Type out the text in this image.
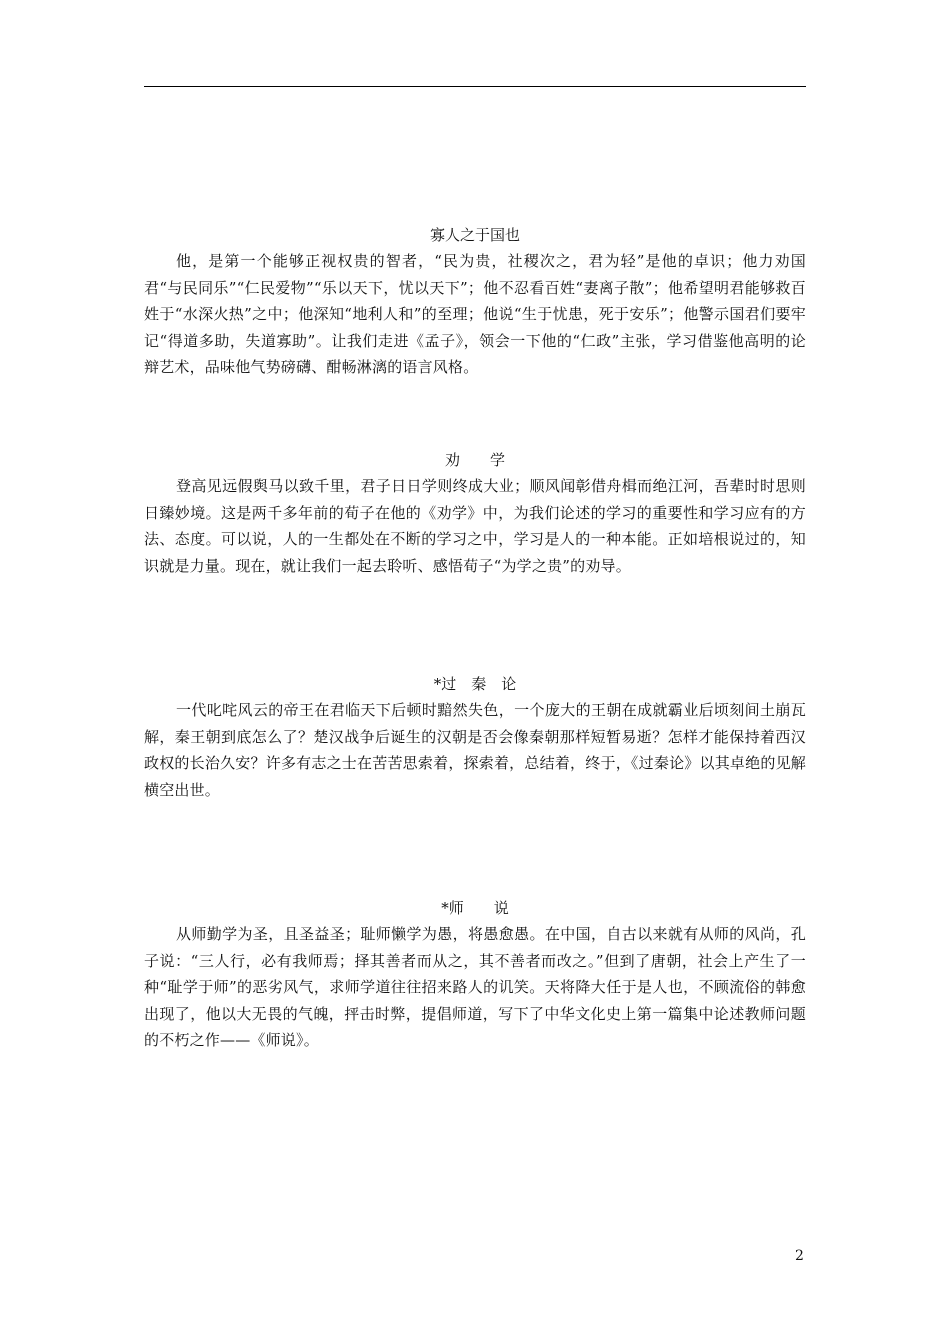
寡人之于国也

他，是第一个能够正视权贵的智者，“民为贵，社稷次之，君为轻”是他的卓识；他力劝国君“与民同乐”“仁民爱物”“乐以天下，忧以天下”；他不忍看百姓“妻离子散”；他希望明君能够救百姓于“水深火热”之中；他深知“地利人和”的至理；他说“生于忧患，死于安乐”；他警示国君们要牢记“得道多助，失道寡助”。让我们走进《孟子》，领会一下他的“仁政”主张，学习借鉴他高明的论辩艺术，品味他气势磅礴、酣畅淋漓的语言风格。

劝　　学

登高见远假舆马以致千里，君子日日学则终成大业；顺风闻彰借舟楫而绝江河，吾辈时时思则日臻妙境。这是两千多年前的荀子在他的《劝学》中，为我们论述的学习的重要性和学习应有的方法、态度。可以说，人的一生都处在不断的学习之中，学习是人的一种本能。正如培根说过的，知识就是力量。现在，就让我们一起去聆听、感悟荀子“为学之贵”的劝导。

*过　秦　论

一代叱咤风云的帝王在君临天下后顿时黯然失色，一个庞大的王朝在成就霸业后顷刻间土崩瓦解，秦王朝到底怎么了？楚汉战争后诞生的汉朝是否会像秦朝那样短暂易逝？怎样才能保持着西汉政权的长治久安？许多有志之士在苦苦思索着，探索着，总结着，终于，《过秦论》以其卓绝的见解横空出世。

*师　　说

从师勤学为圣，且圣益圣；耻师懒学为愚，将愚愈愚。在中国，自古以来就有从师的风尚，孔子说：“三人行，必有我师焉；择其善者而从之，其不善者而改之。”但到了唐朝，社会上产生了一种“耻学于师”的恶劣风气，求师学道往往招来路人的讥笑。天将降大任于是人也，不顾流俗的韩愈出现了，他以大无畏的气魄，抨击时弊，提倡师道，写下了中华文化史上第一篇集中论述教师问题的不朽之作——《师说》。

2
